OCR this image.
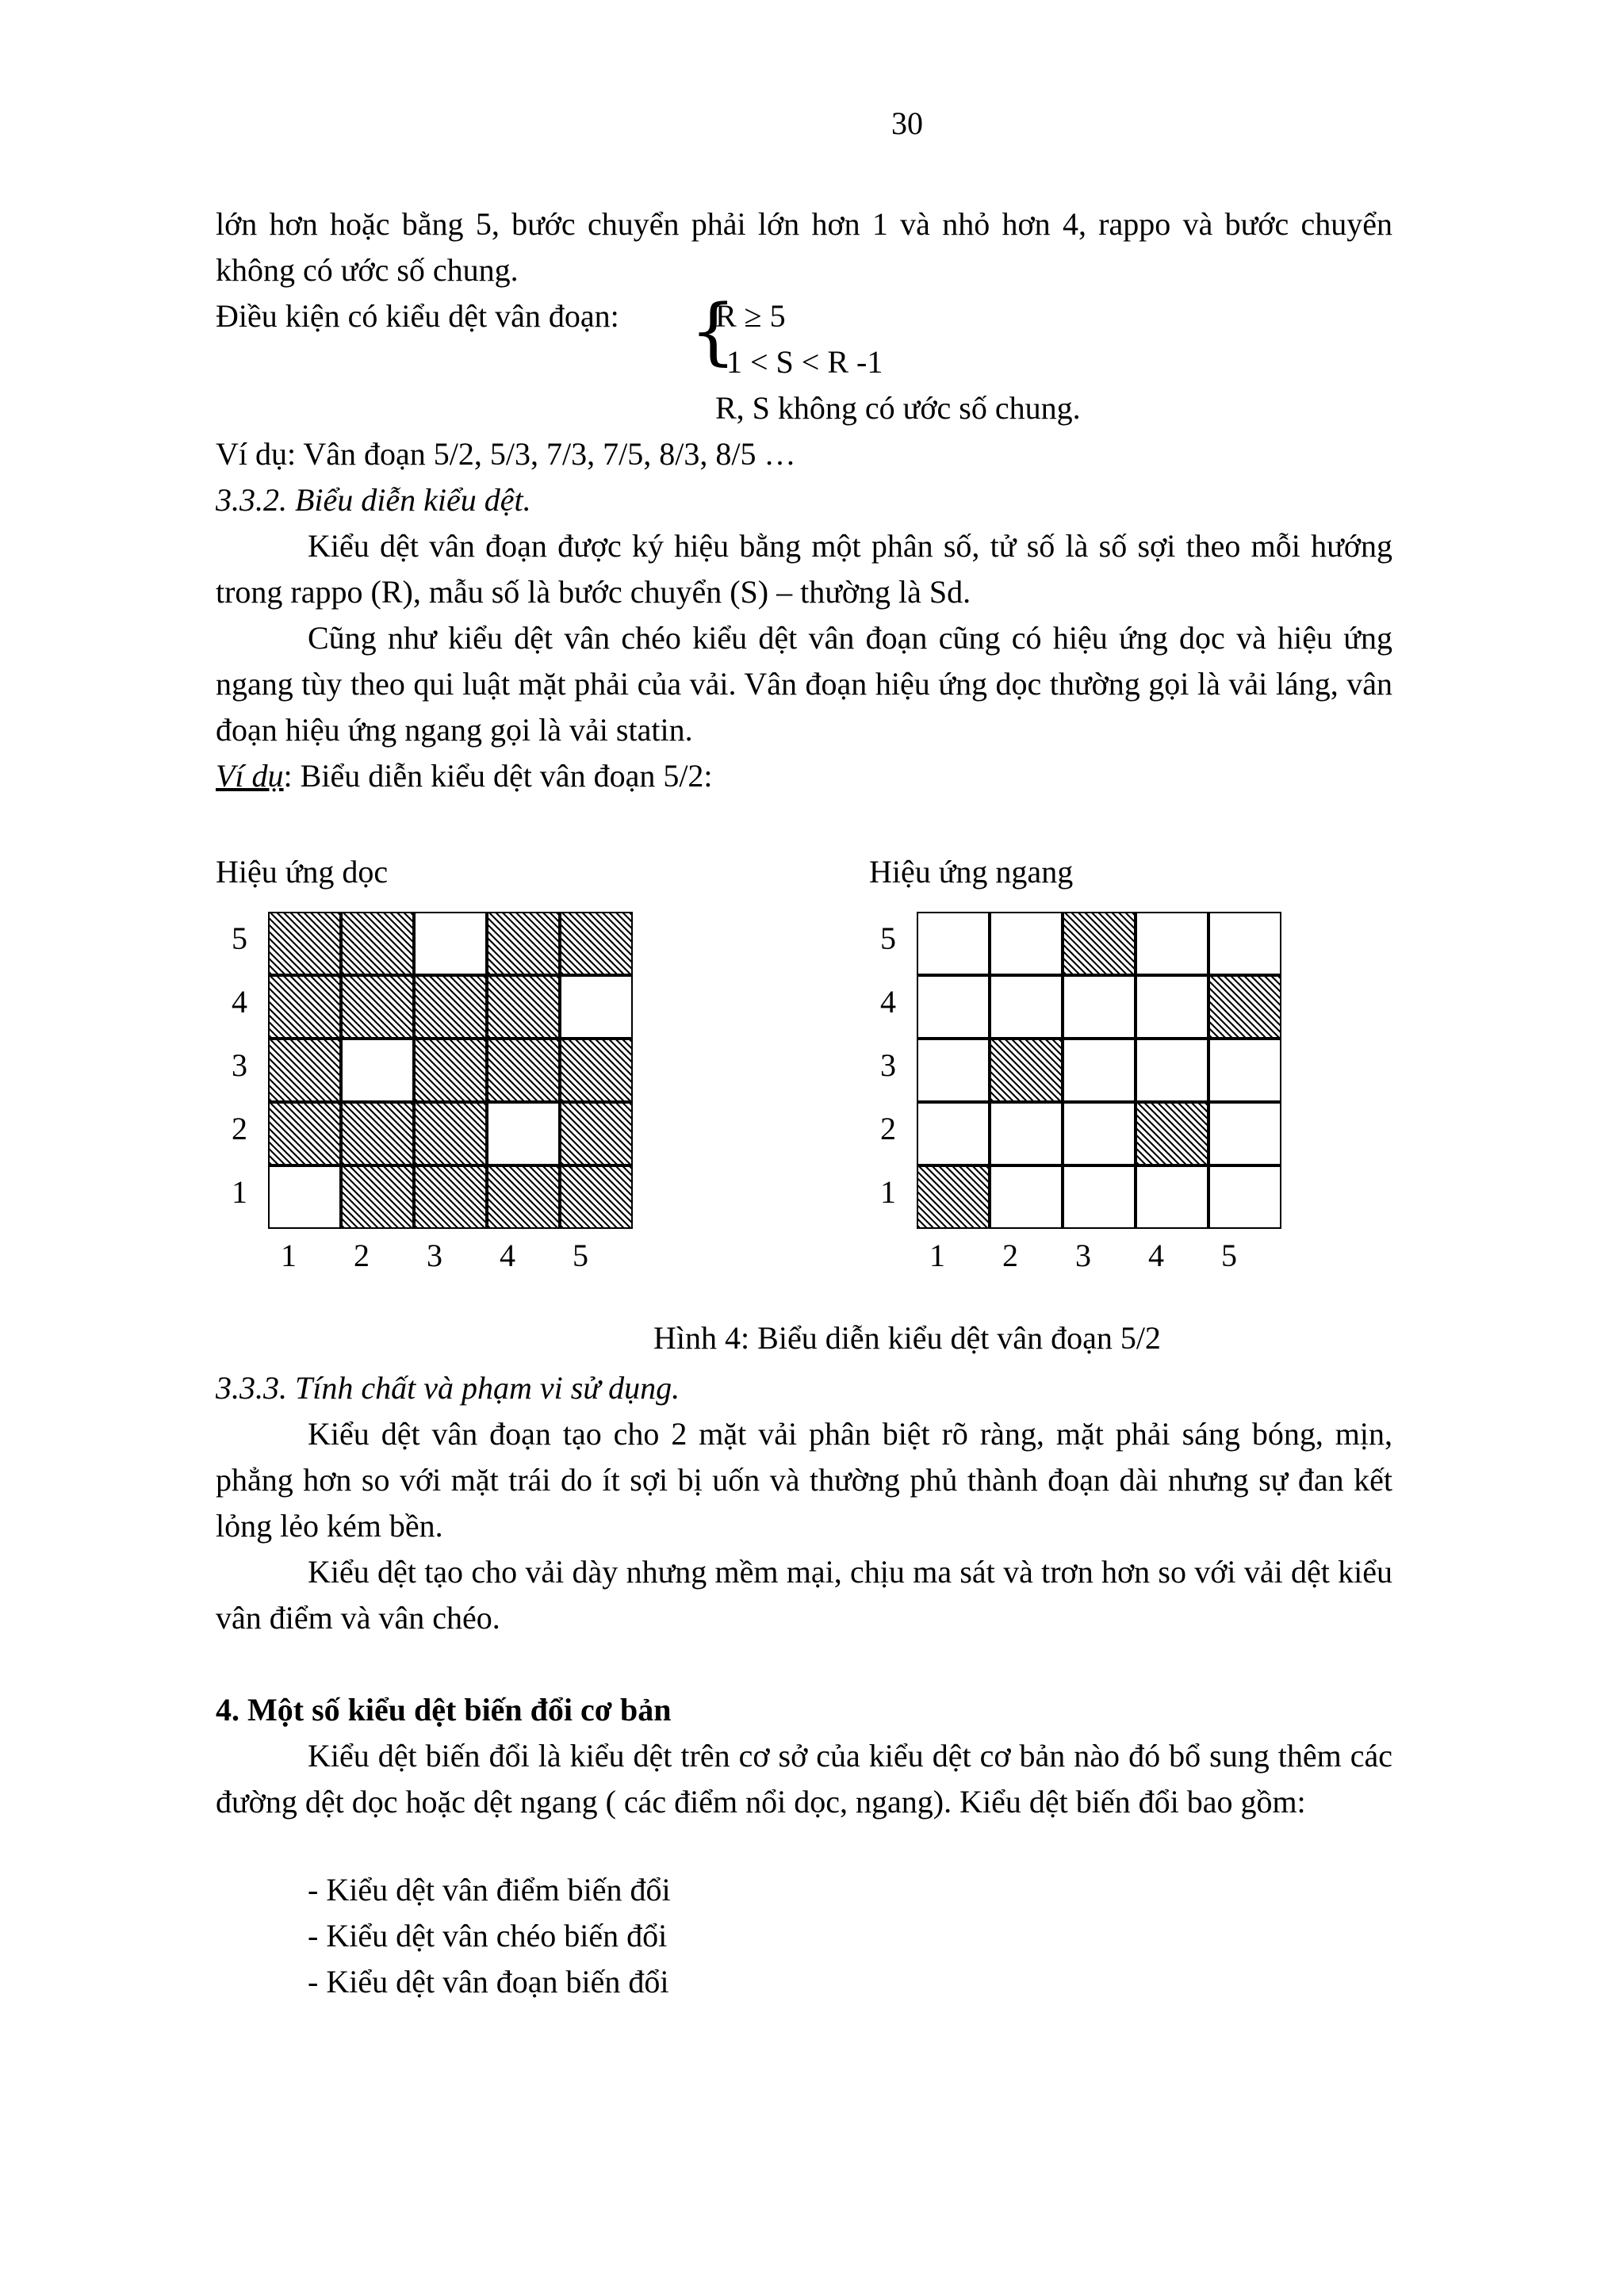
30

lớn hơn hoặc bằng 5, bước chuyển phải lớn hơn 1 và nhỏ hơn 4, rappo và bước chuyển không có ước số chung.

Điều kiện có kiểu dệt vân đoạn: {
R ≥ 5
1 < S < R -1
R, S không có ước số chung.

Ví dụ: Vân đoạn 5/2, 5/3, 7/3, 7/5, 8/3, 8/5 …

3.3.2. Biểu diễn kiểu dệt.

Kiểu dệt vân đoạn được ký hiệu bằng một phân số, tử số là số sợi theo mỗi hướng trong rappo (R), mẫu số là bước chuyển (S) – thường là Sd.

Cũng như kiểu dệt vân chéo kiểu dệt vân đoạn cũng có hiệu ứng dọc và hiệu ứng ngang tùy theo qui luật mặt phải của vải. Vân đoạn hiệu ứng dọc thường gọi là vải láng, vân đoạn hiệu ứng ngang gọi là vải statin.

Ví dụ: Biểu diễn kiểu dệt vân đoạn 5/2:

Hiệu ứng dọc	Hiệu ứng ngang
5
4
3
2
1
1 2 3 4 5
5
4
3
2
1
1 2 3 4 5
Hình 4: Biểu diễn kiểu dệt vân đoạn 5/2

3.3.3. Tính chất và phạm vi sử dụng.

Kiểu dệt vân đoạn tạo cho 2 mặt vải phân biệt rõ ràng, mặt phải sáng bóng, mịn, phẳng hơn so với mặt trái do ít sợi bị uốn và thường phủ thành đoạn dài nhưng sự đan kết lỏng lẻo kém bền.

Kiểu dệt tạo cho vải dày nhưng mềm mại, chịu ma sát và trơn hơn so với vải dệt kiểu vân điểm và vân chéo.

4. Một số kiểu dệt biến đổi cơ bản

Kiểu dệt biến đổi là kiểu dệt trên cơ sở của kiểu dệt cơ bản nào đó bổ sung thêm các đường dệt dọc hoặc dệt ngang ( các điểm nổi dọc, ngang). Kiểu dệt biến đổi bao gồm:

- Kiểu dệt vân điểm biến đổi
- Kiểu dệt vân chéo biến đổi
- Kiểu dệt vân đoạn biến đổi
